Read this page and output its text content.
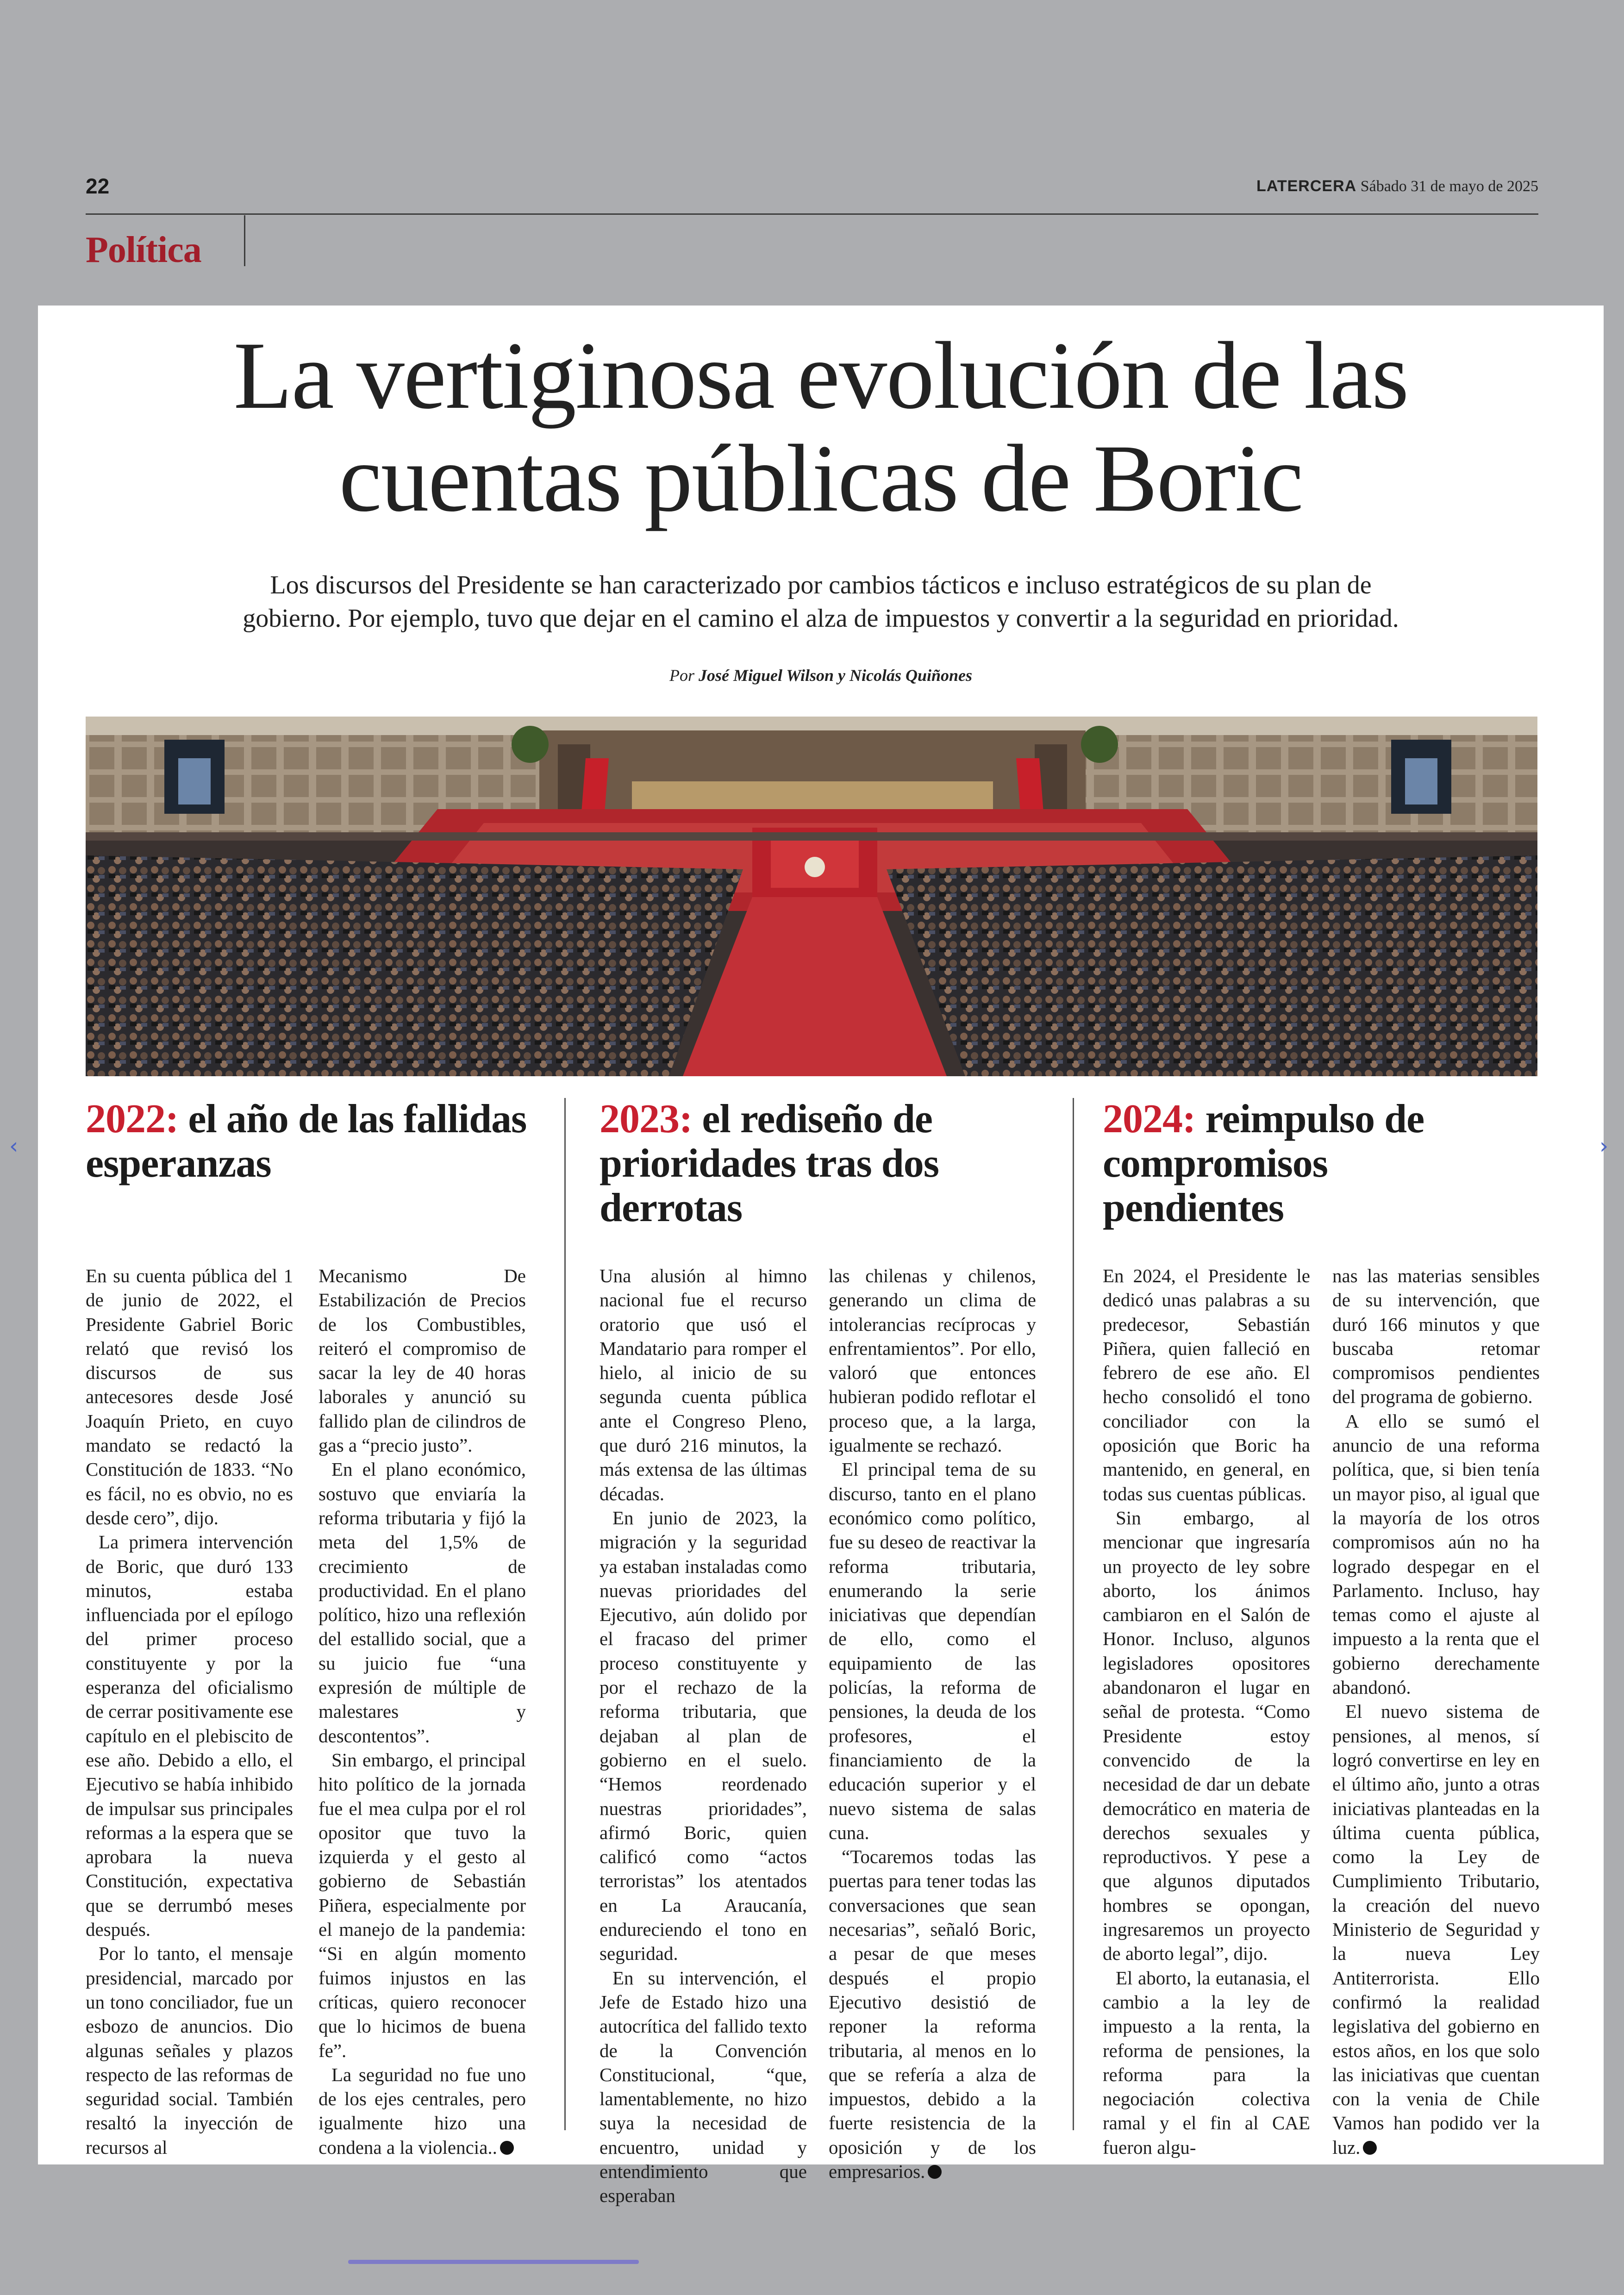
22	LATERCERA Sábado 31 de mayo de 2025
Política
La vertiginosa evolución de las
cuentas públicas de Boric

Los discursos del Presidente se han caracterizado por cambios tácticos e incluso estratégicos de su plan de
gobierno. Por ejemplo, tuvo que dejar en el camino el alza de impuestos y convertir a la seguridad en prioridad.

Por José Miguel Wilson y Nicolás Quiñones
2022: el año de las fallidas esperanzas
2023: el rediseño de prioridades tras dos derrotas
2024: reimpulso de compromisos pendientes

En su cuenta pública del 1 de junio de 2022, el Presidente Gabriel Boric relató que revisó los discursos de sus antecesores desde José Joaquín Prieto, en cuyo mandato se redactó la Constitución de 1833. “No es fácil, no es obvio, no es desde cero”, dijo.

La primera intervención de Boric, que duró 133 minutos, estaba influenciada por el epílogo del primer proceso constituyente y por la esperanza del oficialismo de cerrar positivamente ese capítulo en el plebiscito de ese año. Debido a ello, el Ejecutivo se había inhibido de impulsar sus principales reformas a la espera que se aprobara la nueva Constitución, expectativa que se derrumbó meses después.

Por lo tanto, el mensaje presidencial, marcado por un tono conciliador, fue un esbozo de anuncios. Dio algunas señales y plazos respecto de las reformas de seguridad social. También resaltó la inyección de recursos al

Mecanismo De Estabilización de Precios de los Combustibles, reiteró el compromiso de sacar la ley de 40 horas laborales y anunció su fallido plan de cilindros de gas a “precio justo”.

En el plano económico, sostuvo que enviaría la reforma tributaria y fijó la meta del 1,5% de crecimiento de productividad. En el plano político, hizo una reflexión del estallido social, que a su juicio fue “una expresión de múltiple de malestares y descontentos”.

Sin embargo, el principal hito político de la jornada fue el mea culpa por el rol opositor que tuvo la izquierda y el gesto al gobierno de Sebastián Piñera, especialmente por el manejo de la pandemia: “Si en algún momento fuimos injustos en las críticas, quiero reconocer que lo hicimos de buena fe”.

La seguridad no fue uno de los ejes centrales, pero igualmente hizo una condena a la violencia..

Una alusión al himno nacional fue el recurso oratorio que usó el Mandatario para romper el hielo, al inicio de su segunda cuenta pública ante el Congreso Pleno, que duró 216 minutos, la más extensa de las últimas décadas.

En junio de 2023, la migración y la seguridad ya estaban instaladas como nuevas prioridades del Ejecutivo, aún dolido por el fracaso del primer proceso constituyente y por el rechazo de la reforma tributaria, que dejaban al plan de gobierno en el suelo. “Hemos reordenado nuestras prioridades”, afirmó Boric, quien calificó como “actos terroristas” los atentados en La Araucanía, endureciendo el tono en seguridad.

En su intervención, el Jefe de Estado hizo una autocrítica del fallido texto de la Convención Constitucional, “que, lamentablemente, no hizo suya la necesidad de encuentro, unidad y entendimiento que esperaban

las chilenas y chilenos, generando un clima de intolerancias recíprocas y enfrentamientos”. Por ello, valoró que entonces hubieran podido reflotar el proceso que, a la larga, igualmente se rechazó.

El principal tema de su discurso, tanto en el plano económico como político, fue su deseo de reactivar la reforma tributaria, enumerando la serie iniciativas que dependían de ello, como el equipamiento de las policías, la reforma de pensiones, la deuda de los profesores, el financiamiento de la educación superior y el nuevo sistema de salas cuna.

“Tocaremos todas las puertas para tener todas las conversaciones que sean necesarias”, señaló Boric, a pesar de que meses después el propio Ejecutivo desistió de reponer la reforma tributaria, al menos en lo que se refería a alza de impuestos, debido a la fuerte resistencia de la oposición y de los empresarios.

En 2024, el Presidente le dedicó unas palabras a su predecesor, Sebastián Piñera, quien falleció en febrero de ese año. El hecho consolidó el tono conciliador con la oposición que Boric ha mantenido, en general, en todas sus cuentas públicas.

Sin embargo, al mencionar que ingresaría un proyecto de ley sobre aborto, los ánimos cambiaron en el Salón de Honor. Incluso, algunos legisladores opositores abandonaron el lugar en señal de protesta. “Como Presidente estoy convencido de la necesidad de dar un debate democrático en materia de derechos sexuales y reproductivos. Y pese a que algunos diputados hombres se opongan, ingresaremos un proyecto de aborto legal”, dijo.

El aborto, la eutanasia, el cambio a la ley de impuesto a la renta, la reforma de pensiones, la reforma para la negociación colectiva ramal y el fin al CAE fueron algu-

nas las materias sensibles de su intervención, que duró 166 minutos y que buscaba retomar compromisos pendientes del programa de gobierno.

A ello se sumó el anuncio de una reforma política, que, si bien tenía un mayor piso, al igual que la mayoría de los otros compromisos aún no ha logrado despegar en el Parlamento. Incluso, hay temas como el ajuste al impuesto a la renta que el gobierno derechamente abandonó.

El nuevo sistema de pensiones, al menos, sí logró convertirse en ley en el último año, junto a otras iniciativas planteadas en la última cuenta pública, como la Ley de Cumplimiento Tributario, la creación del nuevo Ministerio de Seguridad y la nueva Ley Antiterrorista. Ello confirmó la realidad legislativa del gobierno en estos años, en los que solo las iniciativas que cuentan con la venia de Chile Vamos han podido ver la luz.

‹	›
